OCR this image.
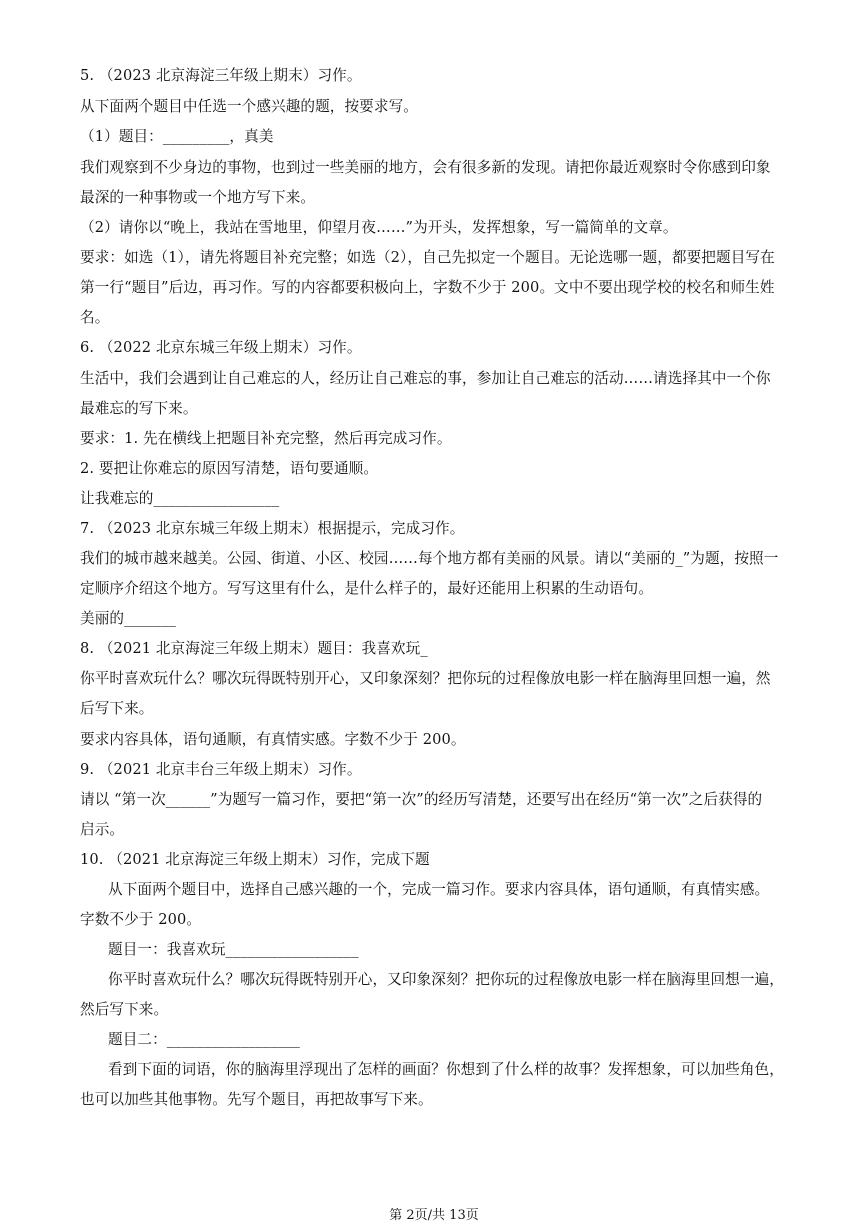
5. （2023 北京海淀三年级上期末）习作。
从下面两个题目中任选一个感兴趣的题，按要求写。
（1）题目：_________，真美
我们观察到不少身边的事物，也到过一些美丽的地方，会有很多新的发现。请把你最近观察时令你感到印象
最深的一种事物或一个地方写下来。
（2）请你以“晚上，我站在雪地里，仰望月夜……”为开头，发挥想象，写一篇简单的文章。
要求：如选（1），请先将题目补充完整；如选（2），自己先拟定一个题目。无论选哪一题，都要把题目写在
第一行“题目”后边，再习作。写的内容都要积极向上，字数不少于 200。文中不要出现学校的校名和师生姓
名。
6. （2022 北京东城三年级上期末）习作。
生活中，我们会遇到让自己难忘的人，经历让自己难忘的事，参加让自己难忘的活动……请选择其中一个你
最难忘的写下来。
要求：1. 先在横线上把题目补充完整，然后再完成习作。
2. 要把让你难忘的原因写清楚，语句要通顺。
让我难忘的_________________
7. （2023 北京东城三年级上期末）根据提示，完成习作。
我们的城市越来越美。公园、街道、小区、校园……每个地方都有美丽的风景。请以“美丽的_”为题，按照一
定顺序介绍这个地方。写写这里有什么，是什么样子的，最好还能用上积累的生动语句。
美丽的_______
8. （2021 北京海淀三年级上期末）题目：我喜欢玩_
你平时喜欢玩什么？哪次玩得既特别开心，又印象深刻？把你玩的过程像放电影一样在脑海里回想一遍，然
后写下来。
要求内容具体，语句通顺，有真情实感。字数不少于 200。
9. （2021 北京丰台三年级上期末）习作。
请以 “第一次______”为题写一篇习作，要把“第一次”的经历写清楚，还要写出在经历“第一次”之后获得的
启示。
10. （2021 北京海淀三年级上期末）习作，完成下题
从下面两个题目中，选择自己感兴趣的一个，完成一篇习作。要求内容具体，语句通顺，有真情实感。
字数不少于 200。
题目一：我喜欢玩__________________
你平时喜欢玩什么？哪次玩得既特别开心，又印象深刻？把你玩的过程像放电影一样在脑海里回想一遍，
然后写下来。
题目二：__________________
看到下面的词语，你的脑海里浮现出了怎样的画面？你想到了什么样的故事？发挥想象，可以加些角色，
也可以加些其他事物。先写个题目，再把故事写下来。
第 2页/共 13页
